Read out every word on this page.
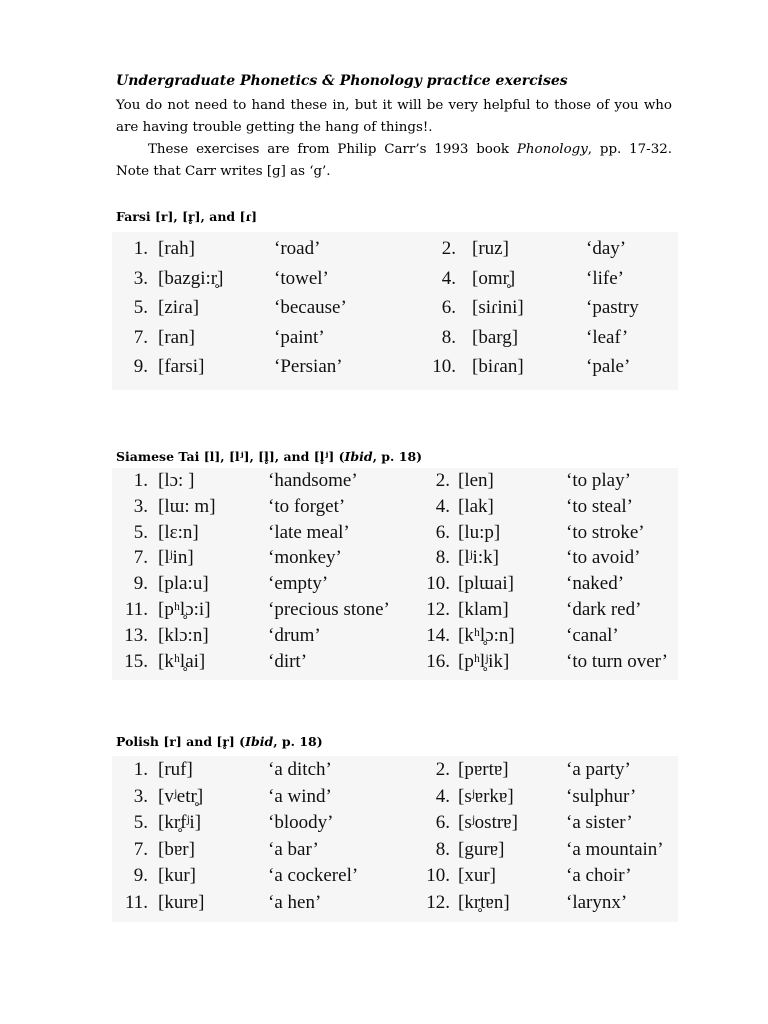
Undergraduate Phonetics & Phonology practice exercises
You do not need to hand these in, but it will be very helpful to those of you who are having trouble getting the hang of things!.
These exercises are from Philip Carr’s 1993 book Phonology, pp. 17-32. Note that Carr writes [ɡ] as ‘g’.
Farsi [r], [r̥], and [ɾ]
1. [rah]	‘road’	2. [ruz]	‘day’
3. [bazgi:r̥]	‘towel’	4. [omr̥]	‘life’
5. [ziɾa]	‘because’	6. [siɾini]	‘pastry
7. [ran]	‘paint’	8. [barg]	‘leaf’
9. [farsi]	‘Persian’	10. [biɾan]	‘pale’
Siamese Tai [l], [lʲ], [l̥], and [l̥ʲ] (Ibid, p. 18)
1. [lɔ: ]	‘handsome’	2. [len]	‘to play’
3. [lɯ: m]	‘to forget’	4. [lak]	‘to steal’
5. [lɛ:n]	‘late meal’	6. [lu:p]	‘to stroke’
7. [lʲin]	‘monkey’	8. [lʲi:k]	‘to avoid’
9. [pla:u]	‘empty’	10. [plɯai]	‘naked’
11. [pʰl̥ɔ:i]	‘precious stone’	12. [klam]	‘dark red’
13. [klɔ:n]	‘drum’	14. [kʰl̥ɔ:n]	‘canal’
15. [kʰl̥ai]	‘dirt’	16. [pʰl̥ʲik]	‘to turn over’
Polish [r] and [r̥] (Ibid, p. 18)
1. [ruf]	‘a ditch’	2. [pɐrtɐ]	‘a party’
3. [vʲetr̥]	‘a wind’	4. [sʲɐrkɐ]	‘sulphur’
5. [kr̥fʲi]	‘bloody’	6. [sʲostrɐ]	‘a sister’
7. [bɐr]	‘a bar’	8. [gurɐ]	‘a mountain’
9. [kur]	‘a cockerel’	10. [xur]	‘a choir’
11. [kurɐ]	‘a hen’	12. [kr̥tɐn]	‘larynx’
